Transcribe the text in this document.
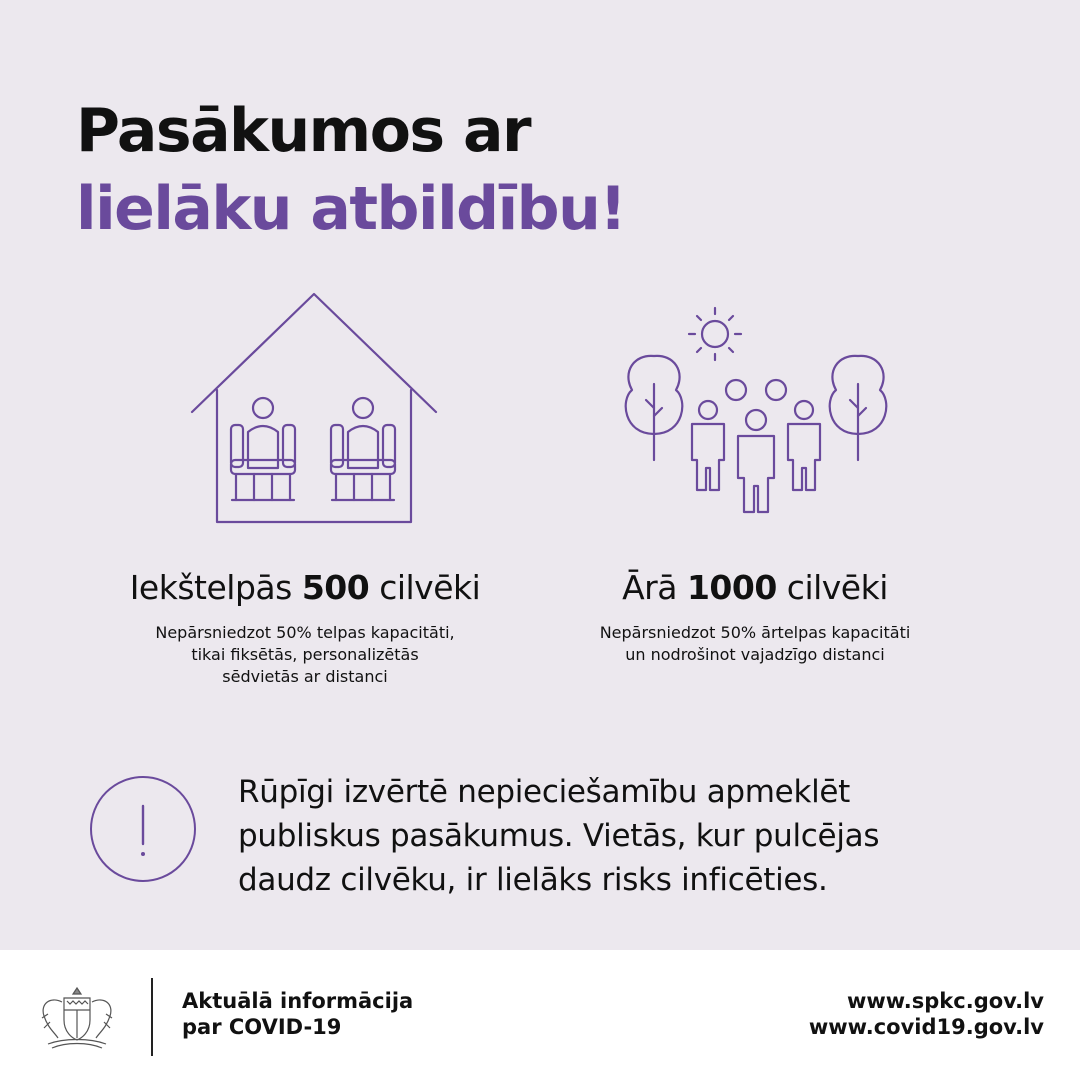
Pasākumos ar
lielāku atbildību!
Iekštelpās 500 cilvēki
Nepārsniedzot 50% telpas kapacitāti,
tikai fiksētās, personalizētās
sēdvietās ar distanci
Ārā 1000 cilvēki
Nepārsniedzot 50% ārtelpas kapacitāti
un nodrošinot vajadzīgo distanci
Rūpīgi izvērtē nepieciešamību apmeklēt
publiskus pasākumus. Vietās, kur pulcējas
daudz cilvēku, ir lielāks risks inficēties.
Aktuālā informācija
par COVID-19
www.spkc.gov.lv
www.covid19.gov.lv
